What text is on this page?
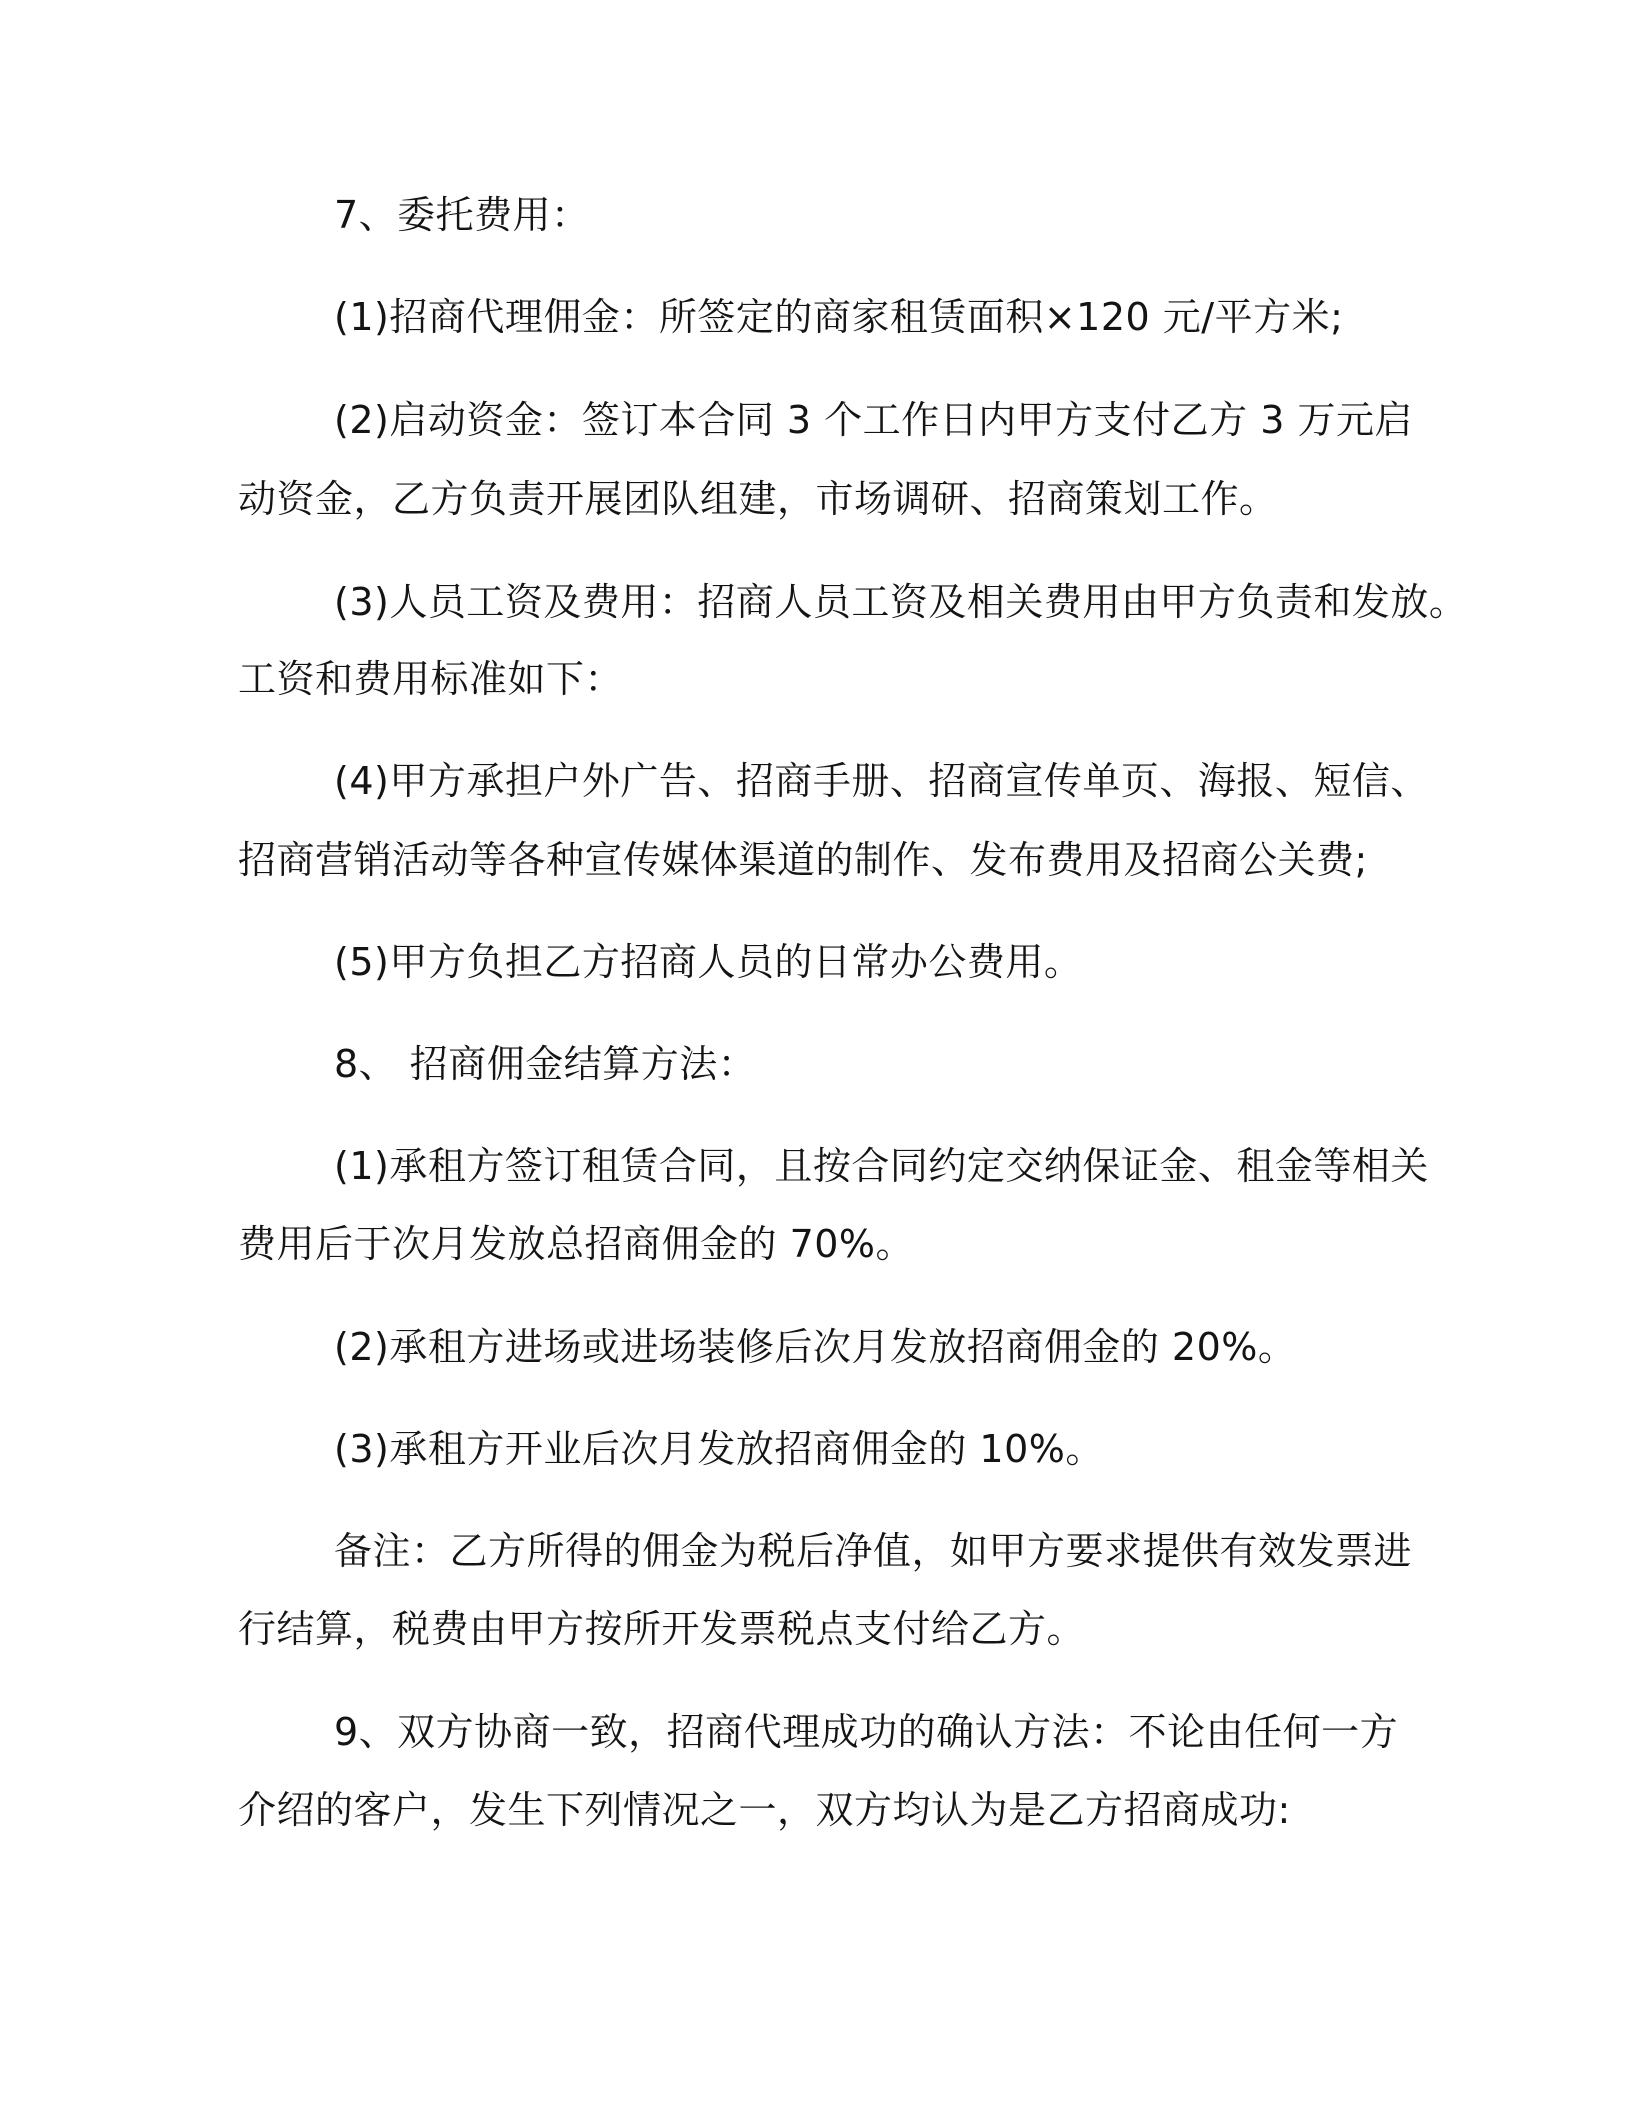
7、委托费用：

(1)招商代理佣金：所签定的商家租赁面积×120 元/平方米;

(2)启动资金：签订本合同 3 个工作日内甲方支付乙方 3 万元启

动资金，乙方负责开展团队组建，市场调研、招商策划工作。

(3)人员工资及费用：招商人员工资及相关费用由甲方负责和发放。

工资和费用标准如下：

(4)甲方承担户外广告、招商手册、招商宣传单页、海报、短信、

招商营销活动等各种宣传媒体渠道的制作、发布费用及招商公关费;

(5)甲方负担乙方招商人员的日常办公费用。

8、 招商佣金结算方法：

(1)承租方签订租赁合同，且按合同约定交纳保证金、租金等相关

费用后于次月发放总招商佣金的 70%。

(2)承租方进场或进场装修后次月发放招商佣金的 20%。

(3)承租方开业后次月发放招商佣金的 10%。

备注：乙方所得的佣金为税后净值，如甲方要求提供有效发票进

行结算，税费由甲方按所开发票税点支付给乙方。

9、双方协商一致，招商代理成功的确认方法：不论由任何一方

介绍的客户，发生下列情况之一，双方均认为是乙方招商成功:
